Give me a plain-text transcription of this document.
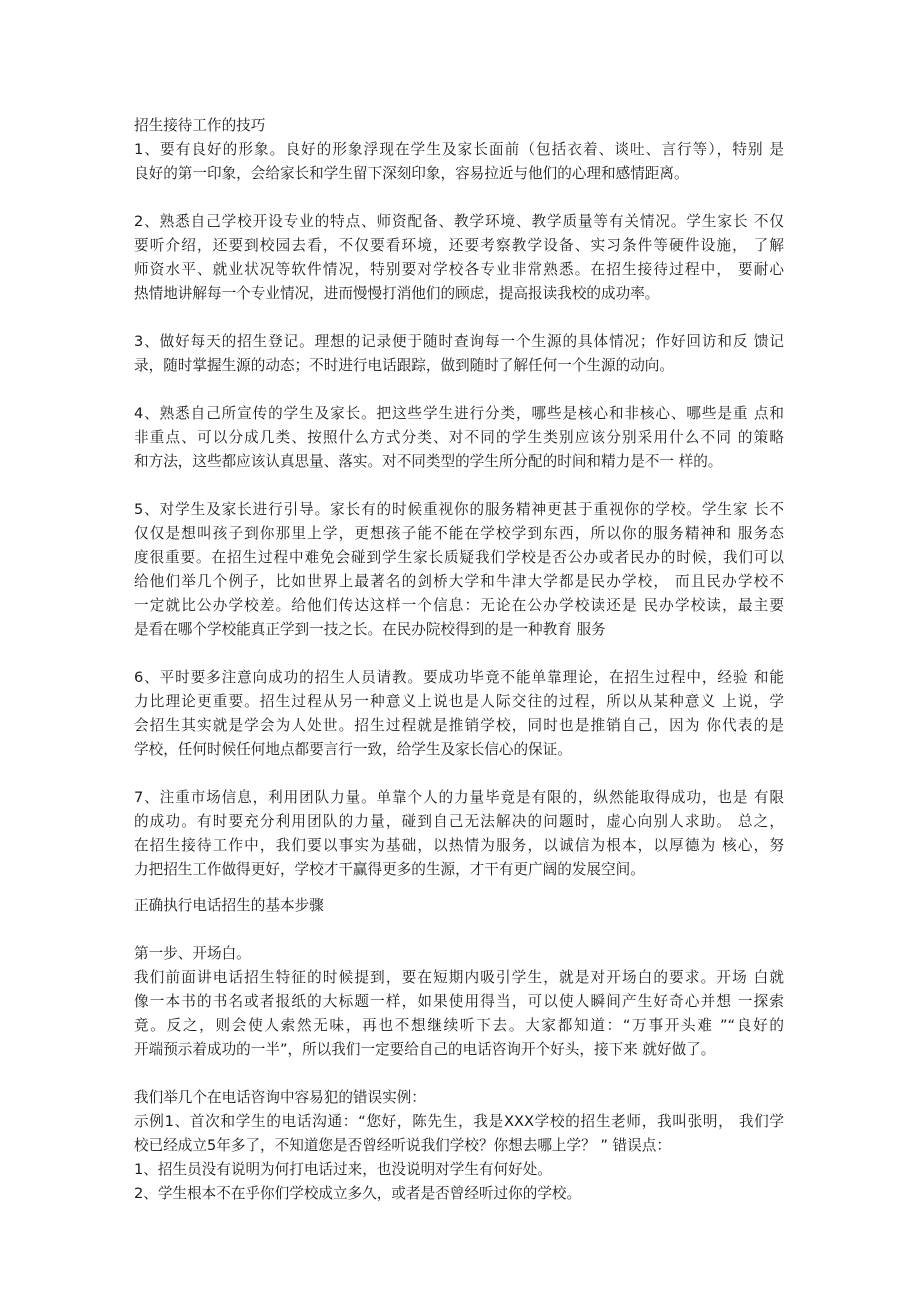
招生接待工作的技巧
1、要有良好的形象。良好的形象浮现在学生及家长面前（包括衣着、谈吐、言行等），特别 是
良好的第一印象，会给家长和学生留下深刻印象，容易拉近与他们的心理和感情距离。
2、熟悉自己学校开设专业的特点、师资配备、教学环境、教学质量等有关情况。学生家长 不仅
要听介绍，还要到校园去看，不仅要看环境，还要考察教学设备、实习条件等硬件设施， 了解
师资水平、就业状况等软件情况，特别要对学校各专业非常熟悉。在招生接待过程中， 要耐心
热情地讲解每一个专业情况，进而慢慢打消他们的顾虑，提高报读我校的成功率。
3、做好每天的招生登记。理想的记录便于随时查询每一个生源的具体情况；作好回访和反 馈记
录，随时掌握生源的动态；不时进行电话跟踪，做到随时了解任何一个生源的动向。
4、熟悉自己所宣传的学生及家长。把这些学生进行分类，哪些是核心和非核心、哪些是重 点和
非重点、可以分成几类、按照什么方式分类、对不同的学生类别应该分别采用什么不同 的策略
和方法，这些都应该认真思量、落实。对不同类型的学生所分配的时间和精力是不一 样的。
5、对学生及家长进行引导。家长有的时候重视你的服务精神更甚于重视你的学校。学生家 长不
仅仅是想叫孩子到你那里上学，更想孩子能不能在学校学到东西，所以你的服务精神和 服务态
度很重要。在招生过程中难免会碰到学生家长质疑我们学校是否公办或者民办的时候，我们可以
给他们举几个例子，比如世界上最著名的剑桥大学和牛津大学都是民办学校， 而且民办学校不
一定就比公办学校差。给他们传达这样一个信息：无论在公办学校读还是 民办学校读，最主要
是看在哪个学校能真正学到一技之长。在民办院校得到的是一种教育 服务
6、平时要多注意向成功的招生人员请教。要成功毕竟不能单靠理论，在招生过程中，经验 和能
力比理论更重要。招生过程从另一种意义上说也是人际交往的过程，所以从某种意义 上说，学
会招生其实就是学会为人处世。招生过程就是推销学校，同时也是推销自己，因为 你代表的是
学校，任何时候任何地点都要言行一致，给学生及家长信心的保证。
7、注重市场信息，利用团队力量。单靠个人的力量毕竟是有限的，纵然能取得成功，也是 有限
的成功。有时要充分利用团队的力量，碰到自己无法解决的问题时，虚心向别人求助。 总之，
在招生接待工作中，我们要以事实为基础，以热情为服务，以诚信为根本，以厚德为 核心，努
力把招生工作做得更好，学校才干赢得更多的生源，才干有更广阔的发展空间。
正确执行电话招生的基本步骤
第一步、开场白。
我们前面讲电话招生特征的时候提到，要在短期内吸引学生，就是对开场白的要求。开场 白就
像一本书的书名或者报纸的大标题一样，如果使用得当，可以使人瞬间产生好奇心并想 一探索
竟。反之，则会使人索然无味，再也不想继续听下去。大家都知道：“万事开头难 ”“良好的
开端预示着成功的一半”，所以我们一定要给自己的电话咨询开个好头，接下来 就好做了。
我们举几个在电话咨询中容易犯的错误实例：
示例1、首次和学生的电话沟通：“您好，陈先生，我是XXX学校的招生老师，我叫张明， 我们学
校已经成立5年多了，不知道您是否曾经听说我们学校？你想去哪上学？ ” 错误点：
1、招生员没有说明为何打电话过来，也没说明对学生有何好处。
2、学生根本不在乎你们学校成立多久，或者是否曾经听过你的学校。
